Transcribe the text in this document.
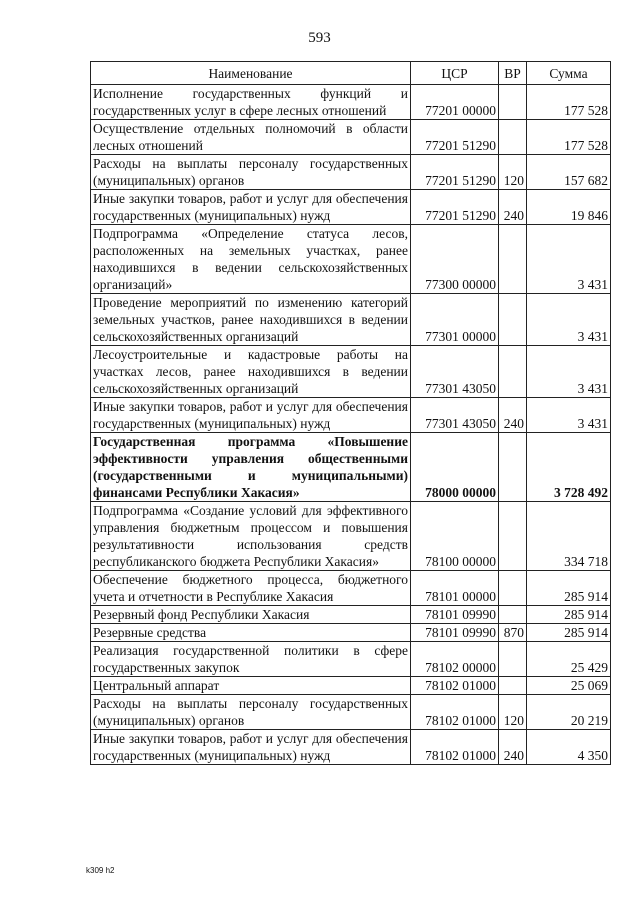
593
Наименование	ЦСР	ВР	Сумма
Исполнение государственных функций и государственных услуг в сфере лесных отношений	77201 00000		177 528
Осуществление отдельных полномочий в области лесных отношений	77201 51290		177 528
Расходы на выплаты персоналу государственных (муниципальных) органов	77201 51290	120	157 682
Иные закупки товаров, работ и услуг для обеспечения государственных (муниципальных) нужд	77201 51290	240	19 846
Подпрограмма «Определение статуса лесов, расположенных на земельных участках, ранее находившихся в ведении сельскохозяйственных организаций»	77300 00000		3 431
Проведение мероприятий по изменению категорий земельных участков, ранее находившихся в ведении сельскохозяйственных организаций	77301 00000		3 431
Лесоустроительные и кадастровые работы на участках лесов, ранее находившихся в ведении сельскохозяйственных организаций	77301 43050		3 431
Иные закупки товаров, работ и услуг для обеспечения государственных (муниципальных) нужд	77301 43050	240	3 431
Государственная программа «Повышение эффективности управления общественными (государственными и муниципальными) финансами Республики Хакасия»	78000 00000		3 728 492
Подпрограмма «Создание условий для эффективного управления бюджетным процессом и повышения результативности использования средств республиканского бюджета Республики Хакасия»	78100 00000		334 718
Обеспечение бюджетного процесса, бюджетного учета и отчетности в Республике Хакасия	78101 00000		285 914
Резервный фонд Республики Хакасия	78101 09990		285 914
Резервные средства	78101 09990	870	285 914
Реализация государственной политики в сфере государственных закупок	78102 00000		25 429
Центральный аппарат	78102 01000		25 069
Расходы на выплаты персоналу государственных (муниципальных) органов	78102 01000	120	20 219
Иные закупки товаров, работ и услуг для обеспечения государственных (муниципальных) нужд	78102 01000	240	4 350
k309 h2
